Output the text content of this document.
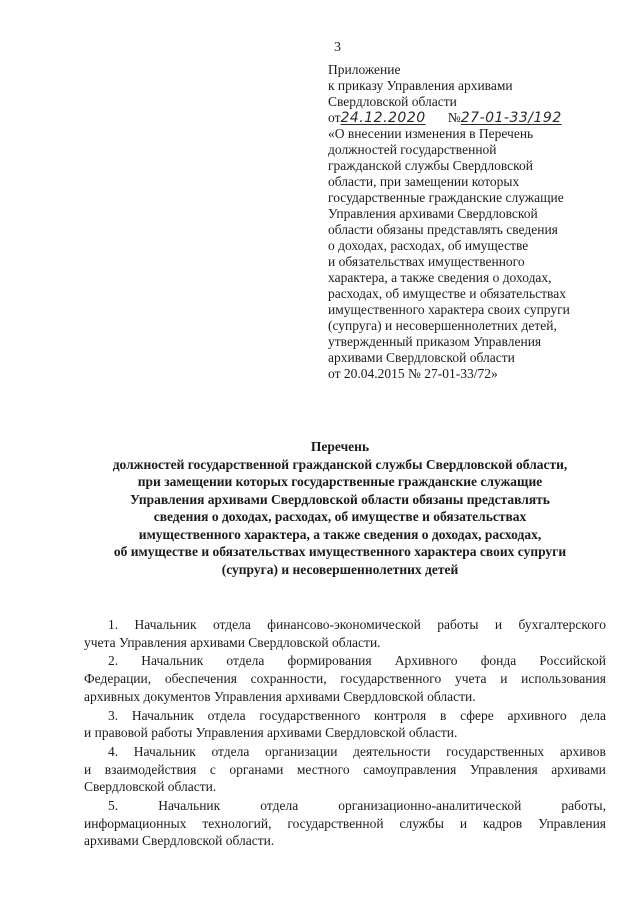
3
Приложение
к приказу Управления архивами
Свердловской области
от24.12.2020 №27-01-33/192
«О внесении изменения в Перечень
должностей государственной
гражданской службы Свердловской
области, при замещении которых
государственные гражданские служащие
Управления архивами Свердловской
области обязаны представлять сведения
о доходах, расходах, об имуществе
и обязательствах имущественного
характера, а также сведения о доходах,
расходах, об имуществе и обязательствах
имущественного характера своих супруги
(супруга) и несовершеннолетних детей,
утвержденный приказом Управления
архивами Свердловской области
от 20.04.2015 № 27-01-33/72»
Перечень
должностей государственной гражданской службы Свердловской области,
при замещении которых государственные гражданские служащие
Управления архивами Свердловской области обязаны представлять
сведения о доходах, расходах, об имуществе и обязательствах
имущественного характера, а также сведения о доходах, расходах,
об имуществе и обязательствах имущественного характера своих супруги
(супруга) и несовершеннолетних детей
1. Начальник отдела финансово-экономической работы и бухгалтерского
учета Управления архивами Свердловской области.
2. Начальник отдела формирования Архивного фонда Российской
Федерации, обеспечения сохранности, государственного учета и использования
архивных документов Управления архивами Свердловской области.
3. Начальник отдела государственного контроля в сфере архивного дела
и правовой работы Управления архивами Свердловской области.
4. Начальник отдела организации деятельности государственных архивов
и взаимодействия с органами местного самоуправления Управления архивами
Свердловской области.
5.	Начальник	отдела	организационно-аналитической	работы,
информационных технологий, государственной службы и кадров Управления
архивами Свердловской области.
